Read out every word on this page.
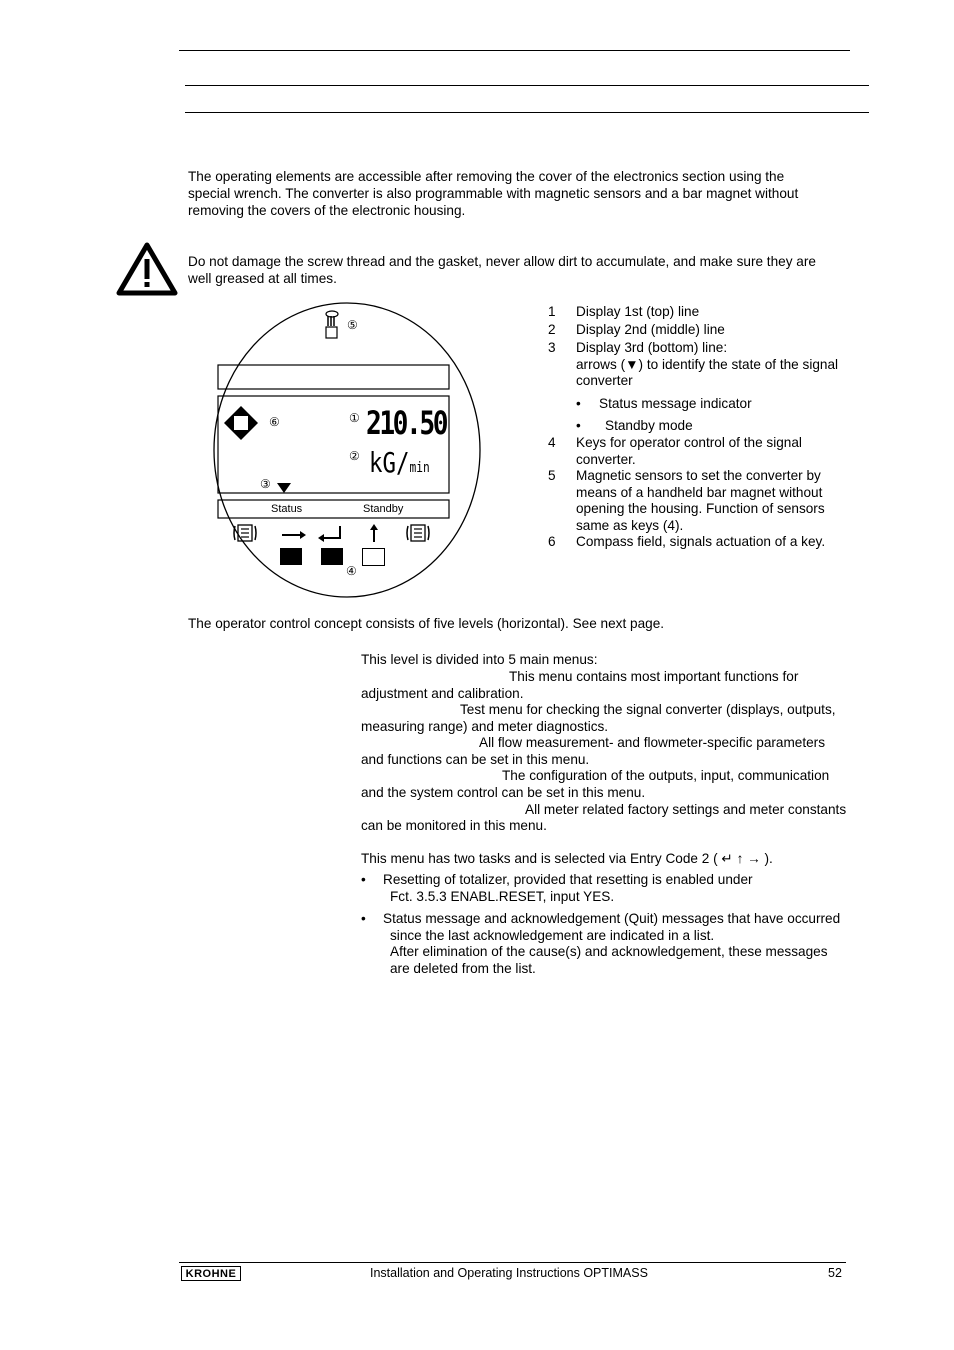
The operating elements are accessible after removing the cover of the electronics section using the
special wrench. The converter is also programmable with magnetic sensors and a bar magnet without
removing the covers of the electronic housing.
Do not damage the screw thread and the gasket, never allow dirt to accumulate, and make sure they are
well greased at all times.
⑤
⑥	① 210.50
② kG/min
③
Status	Standby
④
1 Display 1st (top) line
2 Display 2nd (middle) line
3 Display 3rd (bottom) line:
arrows (▼) to identify the state of the signal
converter
• Status message indicator
• Standby mode
4 Keys for operator control of the signal
converter.
5 Magnetic sensors to set the converter by
means of a handheld bar magnet without
opening the housing. Function of sensors
same as keys (4).
6 Compass field, signals actuation of a key.
The operator control concept consists of five levels (horizontal). See next page.
This level is divided into 5 main menus:
This menu contains most important functions for
adjustment and calibration.
Test menu for checking the signal converter (displays, outputs,
measuring range) and meter diagnostics.
All flow measurement- and flowmeter-specific parameters
and functions can be set in this menu.
The configuration of the outputs, input, communication
and the system control can be set in this menu.
All meter related factory settings and meter constants
can be monitored in this menu.
This menu has two tasks and is selected via Entry Code 2 ( ↵ ↑ → ).
• Resetting of totalizer, provided that resetting is enabled under
Fct. 3.5.3 ENABL.RESET, input YES.
• Status message and acknowledgement (Quit) messages that have occurred
since the last acknowledgement are indicated in a list.
After elimination of the cause(s) and acknowledgement, these messages
are deleted from the list.
KROHNE	Installation and Operating Instructions OPTIMASS	52
